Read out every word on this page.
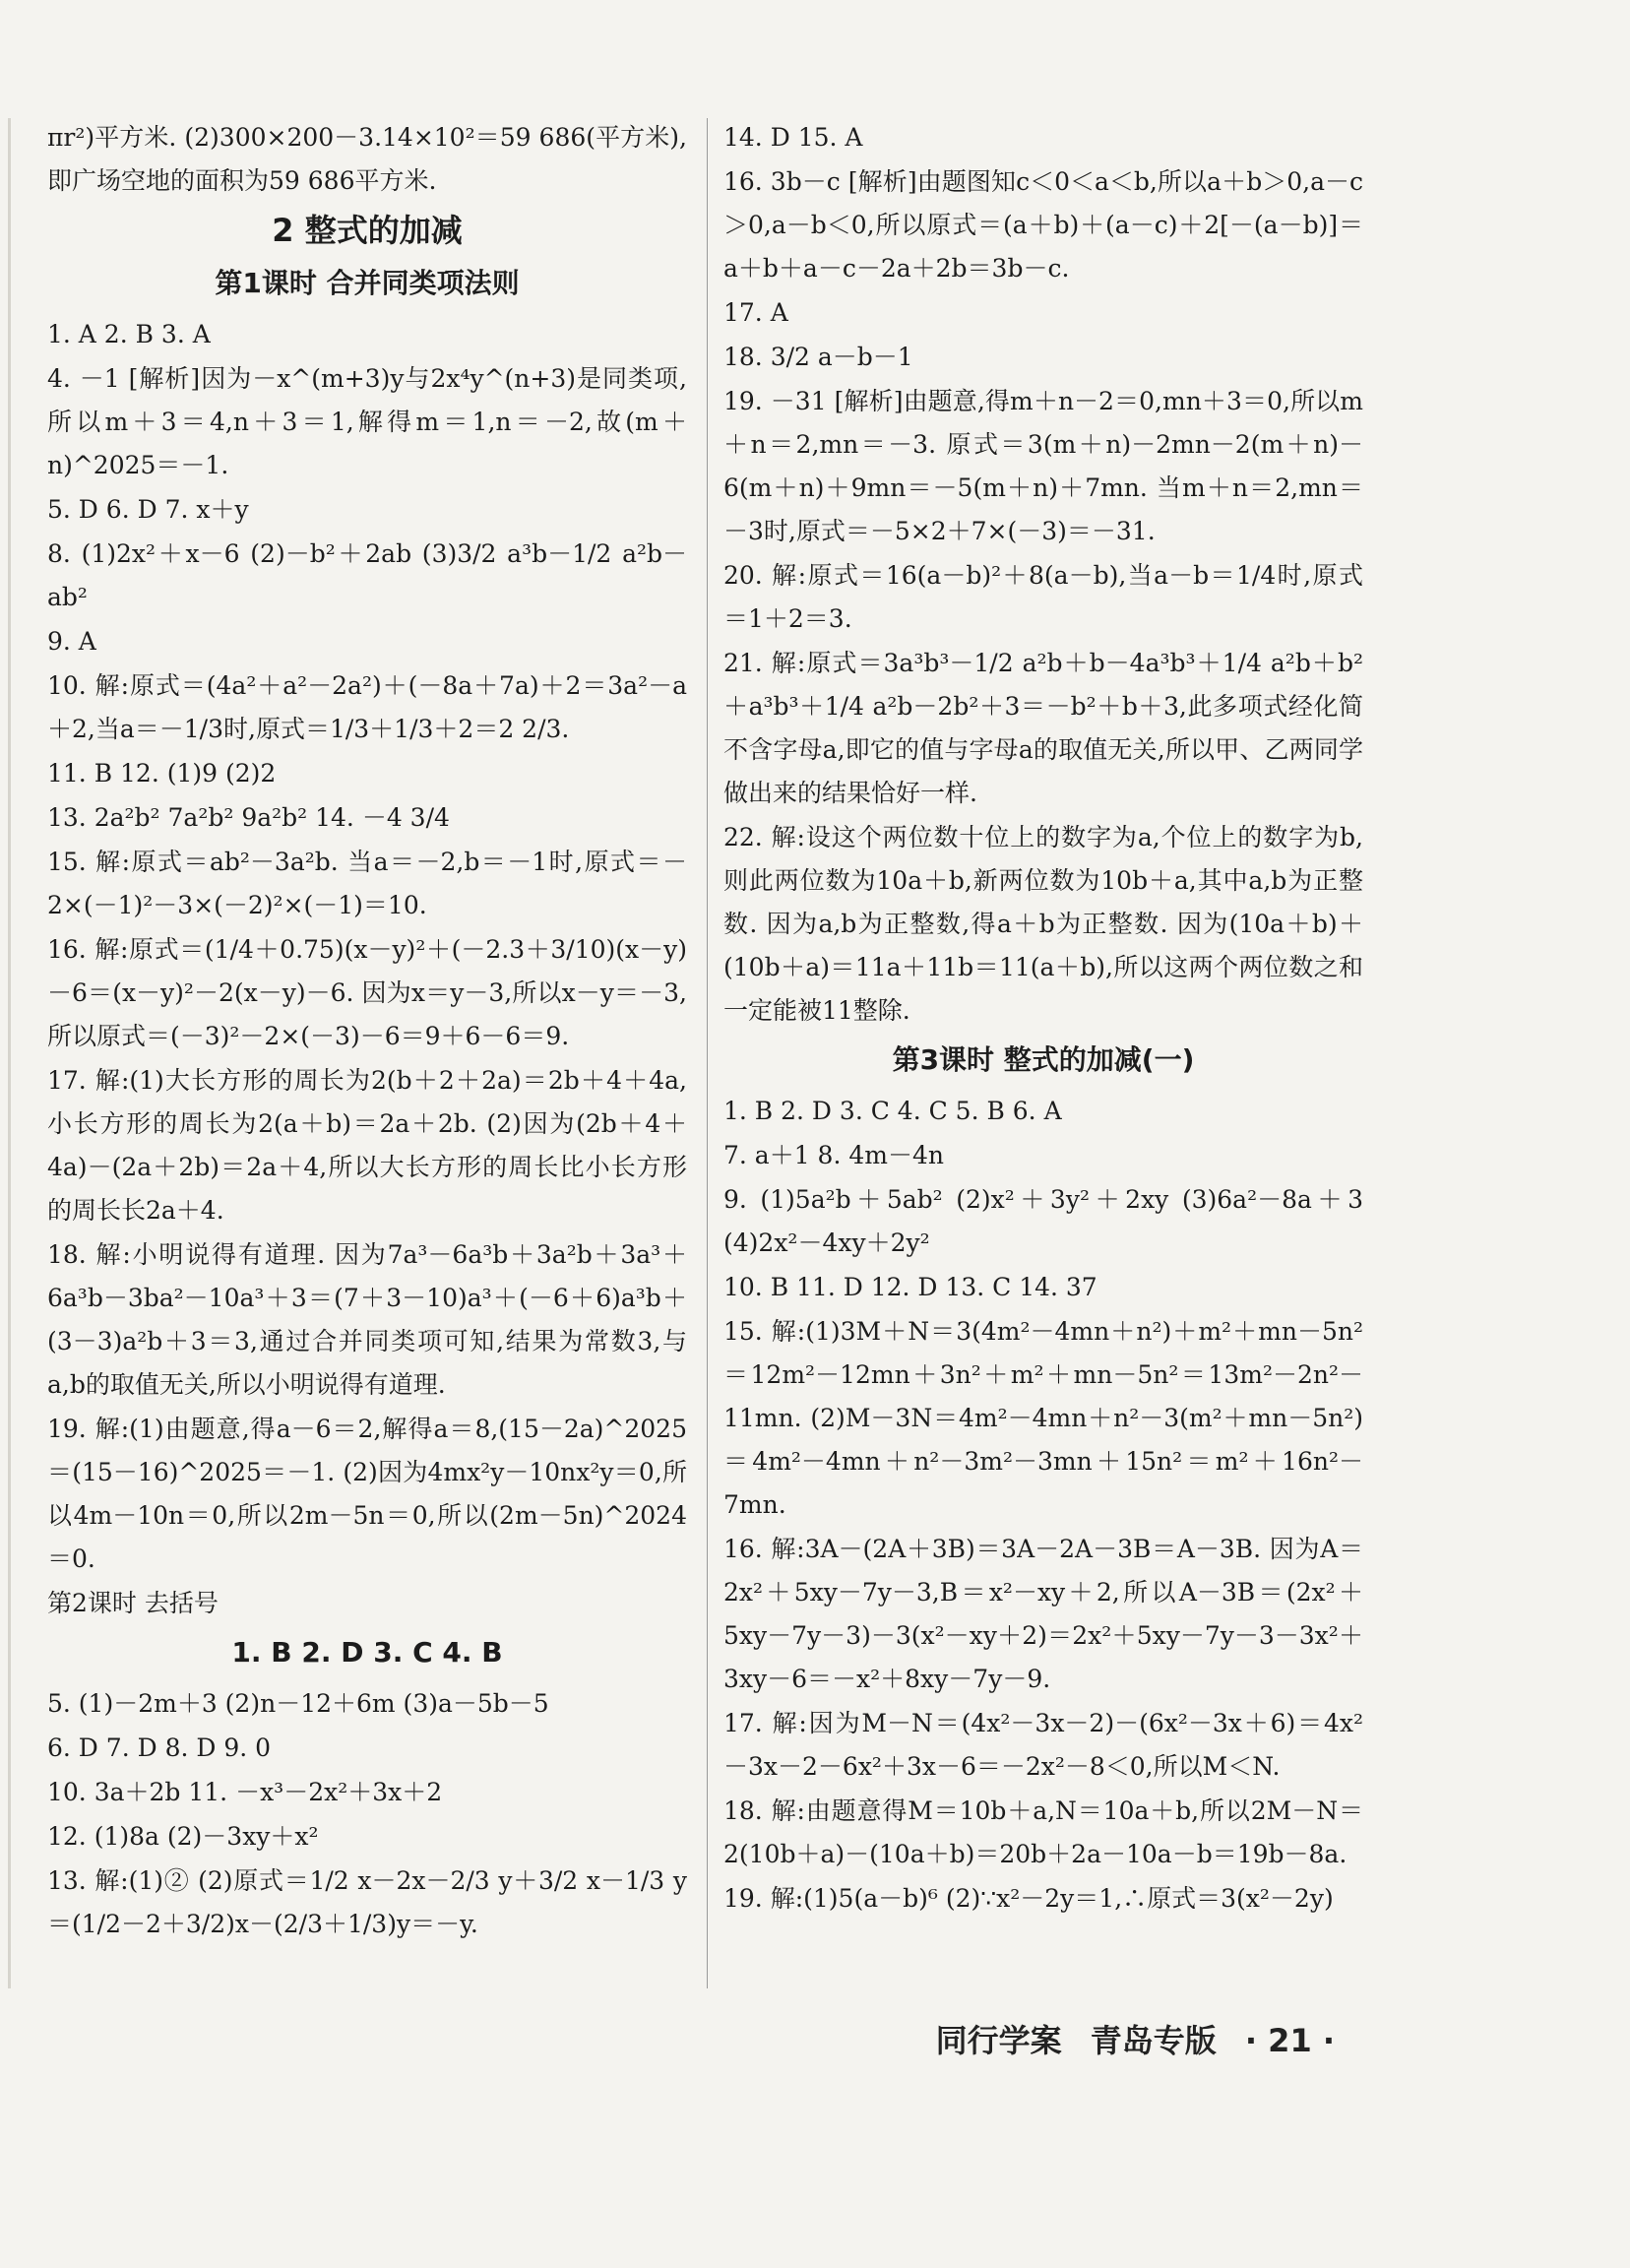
πr²)平方米. (2)300×200－3.14×10²＝59 686(平方米),即广场空地的面积为59 686平方米.

2 整式的加减
第1课时 合并同类项法则

1. A 2. B 3. A

4. －1 [解析]因为－x^(m+3)y与2x⁴y^(n+3)是同类项,所以m＋3＝4,n＋3＝1,解得m＝1,n＝－2,故(m＋n)^2025＝－1.

5. D 6. D 7. x＋y

8. (1)2x²＋x－6 (2)－b²＋2ab (3)3/2 a³b－1/2 a²b－ab²

9. A

10. 解:原式＝(4a²＋a²－2a²)＋(－8a＋7a)＋2＝3a²－a＋2,当a＝－1/3时,原式＝1/3＋1/3＋2＝2 2/3.

11. B 12. (1)9 (2)2

13. 2a²b² 7a²b² 9a²b² 14. －4 3/4

15. 解:原式＝ab²－3a²b. 当a＝－2,b＝－1时,原式＝－2×(－1)²－3×(－2)²×(－1)＝10.

16. 解:原式＝(1/4＋0.75)(x－y)²＋(－2.3＋3/10)(x－y)－6＝(x－y)²－2(x－y)－6. 因为x＝y－3,所以x－y＝－3,所以原式＝(－3)²－2×(－3)－6＝9＋6－6＝9.

17. 解:(1)大长方形的周长为2(b＋2＋2a)＝2b＋4＋4a,小长方形的周长为2(a＋b)＝2a＋2b. (2)因为(2b＋4＋4a)－(2a＋2b)＝2a＋4,所以大长方形的周长比小长方形的周长长2a＋4.

18. 解:小明说得有道理. 因为7a³－6a³b＋3a²b＋3a³＋6a³b－3ba²－10a³＋3＝(7＋3－10)a³＋(－6＋6)a³b＋(3－3)a²b＋3＝3,通过合并同类项可知,结果为常数3,与a,b的取值无关,所以小明说得有道理.

19. 解:(1)由题意,得a－6＝2,解得a＝8,(15－2a)^2025＝(15－16)^2025＝－1. (2)因为4mx²y－10nx²y＝0,所以4m－10n＝0,所以2m－5n＝0,所以(2m－5n)^2024＝0.

第2课时 去括号

1. B 2. D 3. C 4. B

5. (1)－2m＋3 (2)n－12＋6m (3)a－5b－5

6. D 7. D 8. D 9. 0

10. 3a＋2b 11. －x³－2x²＋3x＋2

12. (1)8a (2)－3xy＋x²

13. 解:(1)② (2)原式＝1/2 x－2x－2/3 y＋3/2 x－1/3 y＝(1/2－2＋3/2)x－(2/3＋1/3)y＝－y.

14. D 15. A

16. 3b－c [解析]由题图知c＜0＜a＜b,所以a＋b＞0,a－c＞0,a－b＜0,所以原式＝(a＋b)＋(a－c)＋2[－(a－b)]＝a＋b＋a－c－2a＋2b＝3b－c.

17. A

18. 3/2 a－b－1

19. －31 [解析]由题意,得m＋n－2＝0,mn＋3＝0,所以m＋n＝2,mn＝－3. 原式＝3(m＋n)－2mn－2(m＋n)－6(m＋n)＋9mn＝－5(m＋n)＋7mn. 当m＋n＝2,mn＝－3时,原式＝－5×2＋7×(－3)＝－31.

20. 解:原式＝16(a－b)²＋8(a－b),当a－b＝1/4时,原式＝1＋2＝3.

21. 解:原式＝3a³b³－1/2 a²b＋b－4a³b³＋1/4 a²b＋b²＋a³b³＋1/4 a²b－2b²＋3＝－b²＋b＋3,此多项式经化简不含字母a,即它的值与字母a的取值无关,所以甲、乙两同学做出来的结果恰好一样.

22. 解:设这个两位数十位上的数字为a,个位上的数字为b,则此两位数为10a＋b,新两位数为10b＋a,其中a,b为正整数. 因为a,b为正整数,得a＋b为正整数. 因为(10a＋b)＋(10b＋a)＝11a＋11b＝11(a＋b),所以这两个两位数之和一定能被11整除.

第3课时 整式的加减(一)

1. B 2. D 3. C 4. C 5. B 6. A

7. a＋1 8. 4m－4n

9. (1)5a²b＋5ab² (2)x²＋3y²＋2xy (3)6a²－8a＋3 (4)2x²－4xy＋2y²

10. B 11. D 12. D 13. C 14. 37

15. 解:(1)3M＋N＝3(4m²－4mn＋n²)＋m²＋mn－5n²＝12m²－12mn＋3n²＋m²＋mn－5n²＝13m²－2n²－11mn. (2)M－3N＝4m²－4mn＋n²－3(m²＋mn－5n²)＝4m²－4mn＋n²－3m²－3mn＋15n²＝m²＋16n²－7mn.

16. 解:3A－(2A＋3B)＝3A－2A－3B＝A－3B. 因为A＝2x²＋5xy－7y－3,B＝x²－xy＋2,所以A－3B＝(2x²＋5xy－7y－3)－3(x²－xy＋2)＝2x²＋5xy－7y－3－3x²＋3xy－6＝－x²＋8xy－7y－9.

17. 解:因为M－N＝(4x²－3x－2)－(6x²－3x＋6)＝4x²－3x－2－6x²＋3x－6＝－2x²－8＜0,所以M＜N.

18. 解:由题意得M＝10b＋a,N＝10a＋b,所以2M－N＝2(10b＋a)－(10a＋b)＝20b＋2a－10a－b＝19b－8a.

19. 解:(1)5(a－b)⁶ (2)∵x²－2y＝1,∴原式＝3(x²－2y)

同行学案 青岛专版 · 21 ·
